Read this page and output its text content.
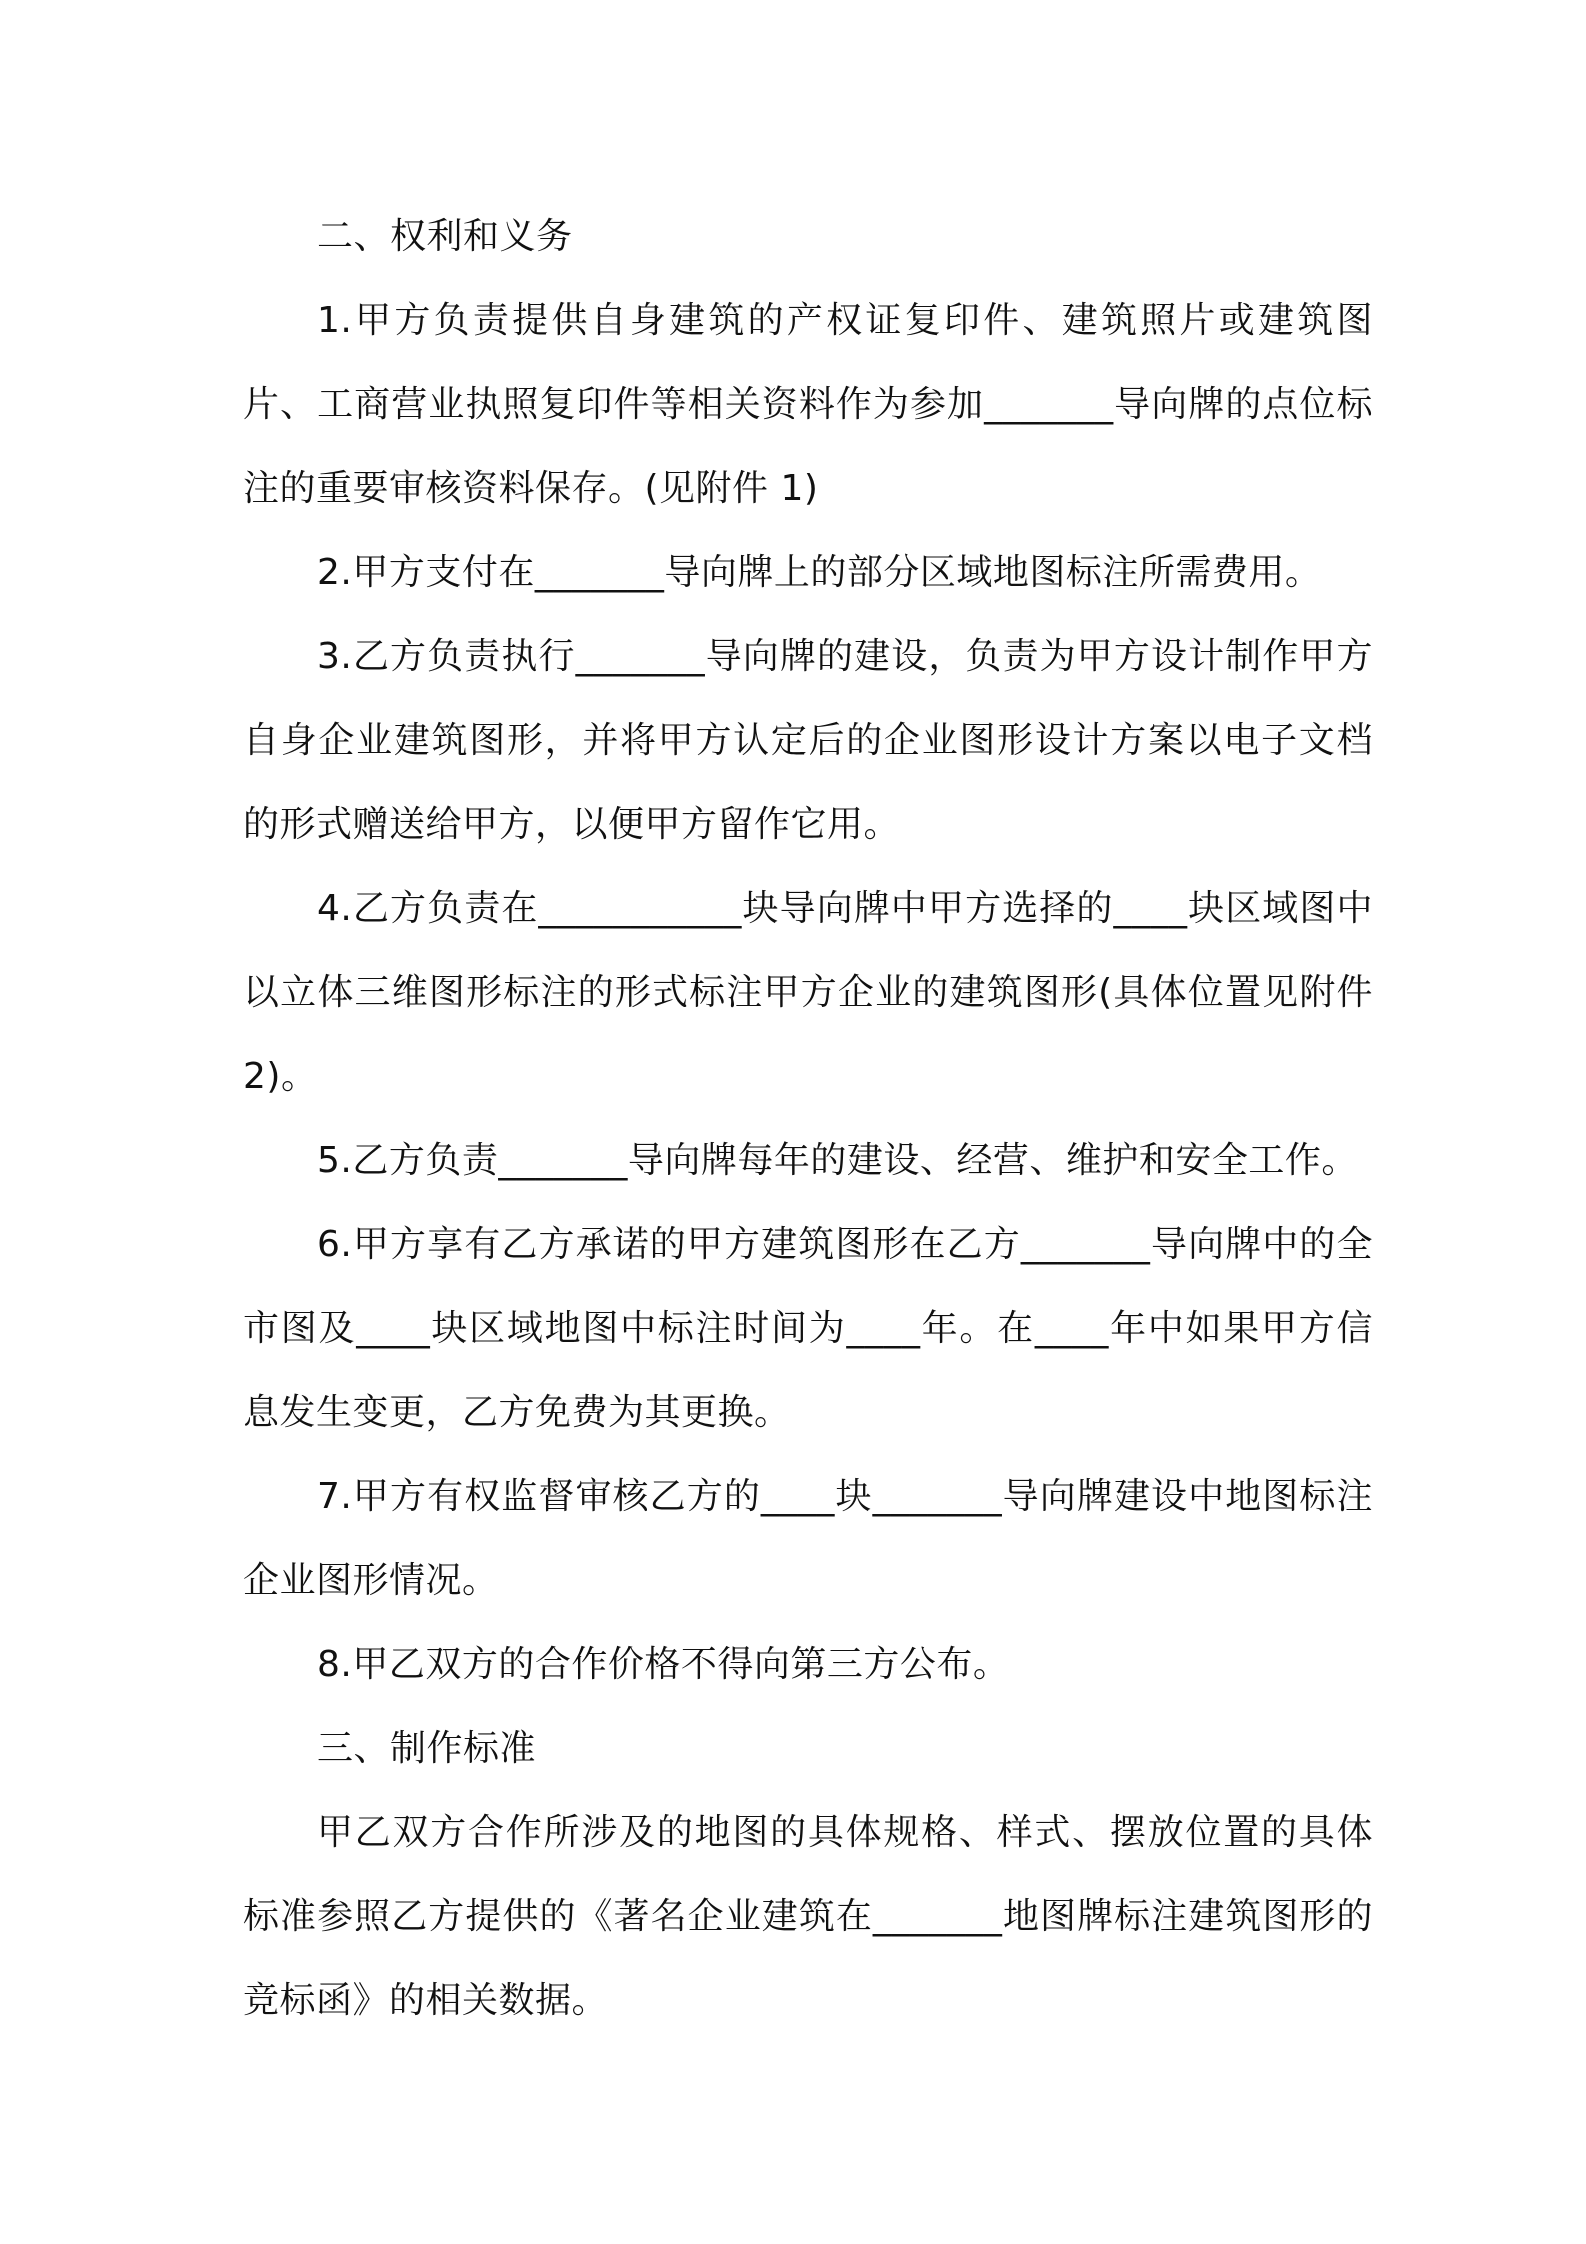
二、权利和义务

1.甲方负责提供自身建筑的产权证复印件、建筑照片或建筑图片、工商营业执照复印件等相关资料作为参加_______导向牌的点位标注的重要审核资料保存。(见附件 1)

2.甲方支付在_______导向牌上的部分区域地图标注所需费用。

3.乙方负责执行_______导向牌的建设，负责为甲方设计制作甲方自身企业建筑图形，并将甲方认定后的企业图形设计方案以电子文档的形式赠送给甲方，以便甲方留作它用。

4.乙方负责在___________块导向牌中甲方选择的____块区域图中以立体三维图形标注的形式标注甲方企业的建筑图形(具体位置见附件 2)。

5.乙方负责_______导向牌每年的建设、经营、维护和安全工作。

6.甲方享有乙方承诺的甲方建筑图形在乙方_______导向牌中的全市图及____块区域地图中标注时间为____年。在____年中如果甲方信息发生变更，乙方免费为其更换。

7.甲方有权监督审核乙方的____块_______导向牌建设中地图标注企业图形情况。

8.甲乙双方的合作价格不得向第三方公布。

三、制作标准

甲乙双方合作所涉及的地图的具体规格、样式、摆放位置的具体标准参照乙方提供的《著名企业建筑在_______地图牌标注建筑图形的竞标函》的相关数据。
